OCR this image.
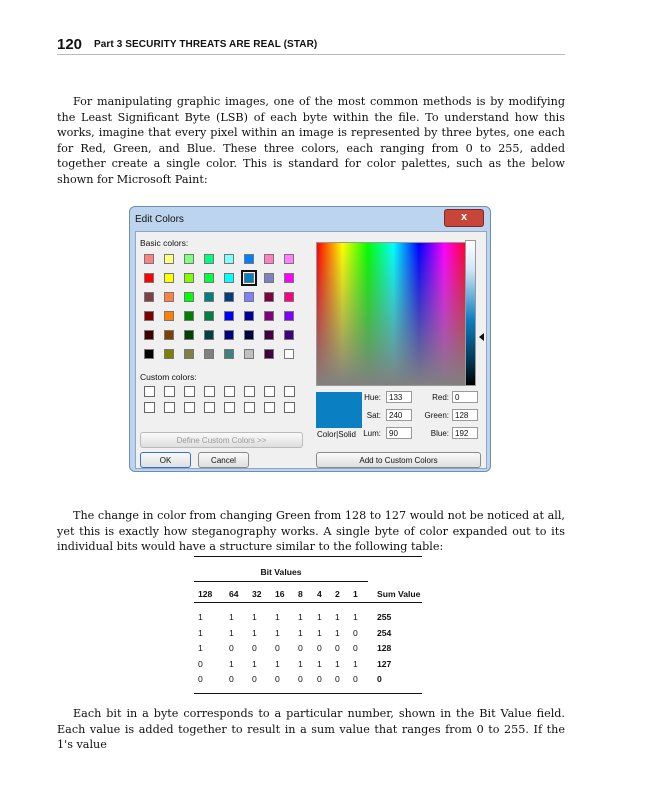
120 Part 3 SECURITY THREATS ARE REAL (STAR)

For manipulating graphic images, one of the most common methods is by modifying the Least Significant Byte (LSB) of each byte within the file. To understand how this works, imagine that every pixel within an image is represented by three bytes, one each for Red, Green, and Blue. These three colors, each ranging from 0 to 255, added together create a single color. This is standard for color palettes, such as the below shown for Microsoft Paint:

Edit Colors	x
Basic colors:
Custom colors:
Define Custom Colors >>
OK	Cancel
Color|Solid
Hue:	133
Sat:	240
Lum:	90
Red: 0
Green: 128
Blue: 192
Add to Custom Colors

The change in color from changing Green from 128 to 127 would not be noticed at all, yet this is exactly how steganography works. A single byte of color expanded out to its individual bits would have a structure similar to the following table:

Bit Values
128 64 32 16 8 4 2 1 Sum Value
1	1 1 1 1 1 1 1 255
1	1 1 1 1 1 1 0 254
1	0 0 0 0 0 0 0 128
0	1 1 1 1 1 1 1 127
0	0 0 0 0 0 0 0 0

Each bit in a byte corresponds to a particular number, shown in the Bit Value field. Each value is added together to result in a sum value that ranges from 0 to 255. If the 1's value
